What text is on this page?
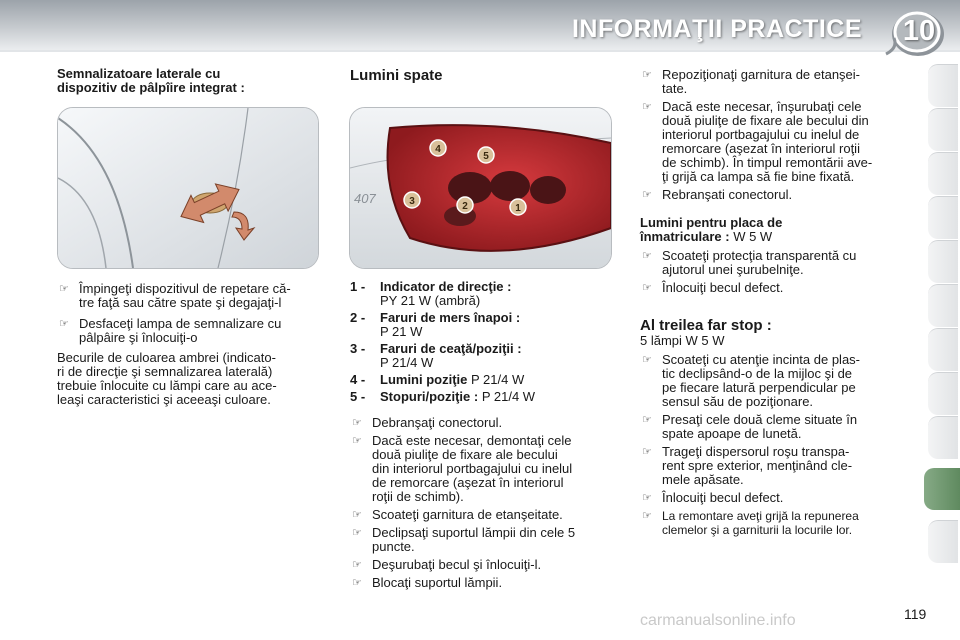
INFORMAŢII PRACTICE 10
Semnalizatoare laterale cu
dispozitiv de pâlpîire integrat :
☞ Împingeţi dispozitivul de repetare că-
tre faţă sau către spate şi degajaţi-l
☞ Desfaceţi lampa de semnalizare cu
pâlpâire şi înlocuiţi-o
Becurile de culoarea ambrei (indicato-
ri de direcţie şi semnalizarea laterală)
trebuie înlocuite cu lămpi care au ace-
leaşi caracteristici şi aceeaşi culoare.
Lumini spate
407
4
5
3	2	1
1 - Indicator de direcţie :
PY 21 W (ambră)
2 - Faruri de mers înapoi :
P 21 W
3 - Faruri de ceaţă/poziţii :
P 21/4 W
4 - Lumini poziţie P 21/4 W
5 - Stopuri/poziţie : P 21/4 W
☞ Debranşaţi conectorul.
☞ Dacă este necesar, demontaţi cele
două piuliţe de fixare ale becului
din interiorul portbagajului cu inelul
de remorcare (aşezat în interiorul
roţii de schimb).
☞ Scoateţi garnitura de etanşeitate.
☞ Declipsaţi suportul lămpii din cele 5
puncte.
☞ Deşurubaţi becul şi înlocuiţi-l.
☞ Blocaţi suportul lămpii.
☞ Repoziţionaţi garnitura de etanşei-
tate.
☞ Dacă este necesar, înşurubaţi cele
două piuliţe de fixare ale becului din
interiorul portbagajului cu inelul de
remorcare (aşezat în interiorul roţii
de schimb). În timpul remontării ave-
ţi grijă ca lampa să fie bine fixată.
☞ Rebranşati conectorul.
Lumini pentru placa de
înmatriculare : W 5 W
☞ Scoateţi protecţia transparentă cu
ajutorul unei şurubelniţe.
☞ Înlocuiţi becul defect.
Al treilea far stop :

5 lămpi W 5 W

☞ Scoateţi cu atenţie incinta de plas-
tic declipsând-o de la mijloc şi de
pe fiecare latură perpendicular pe
sensul său de poziţionare.
☞ Presaţi cele două cleme situate în
spate apoape de lunetă.
☞ Trageţi dispersorul roşu transpa-
rent spre exterior, menţinând cle-
mele apăsate.
☞ Înlocuiţi becul defect.
☞ La remontare aveţi grijă la repunerea
clemelor şi a garniturii la locurile lor.
carmanualsonline.info	119
